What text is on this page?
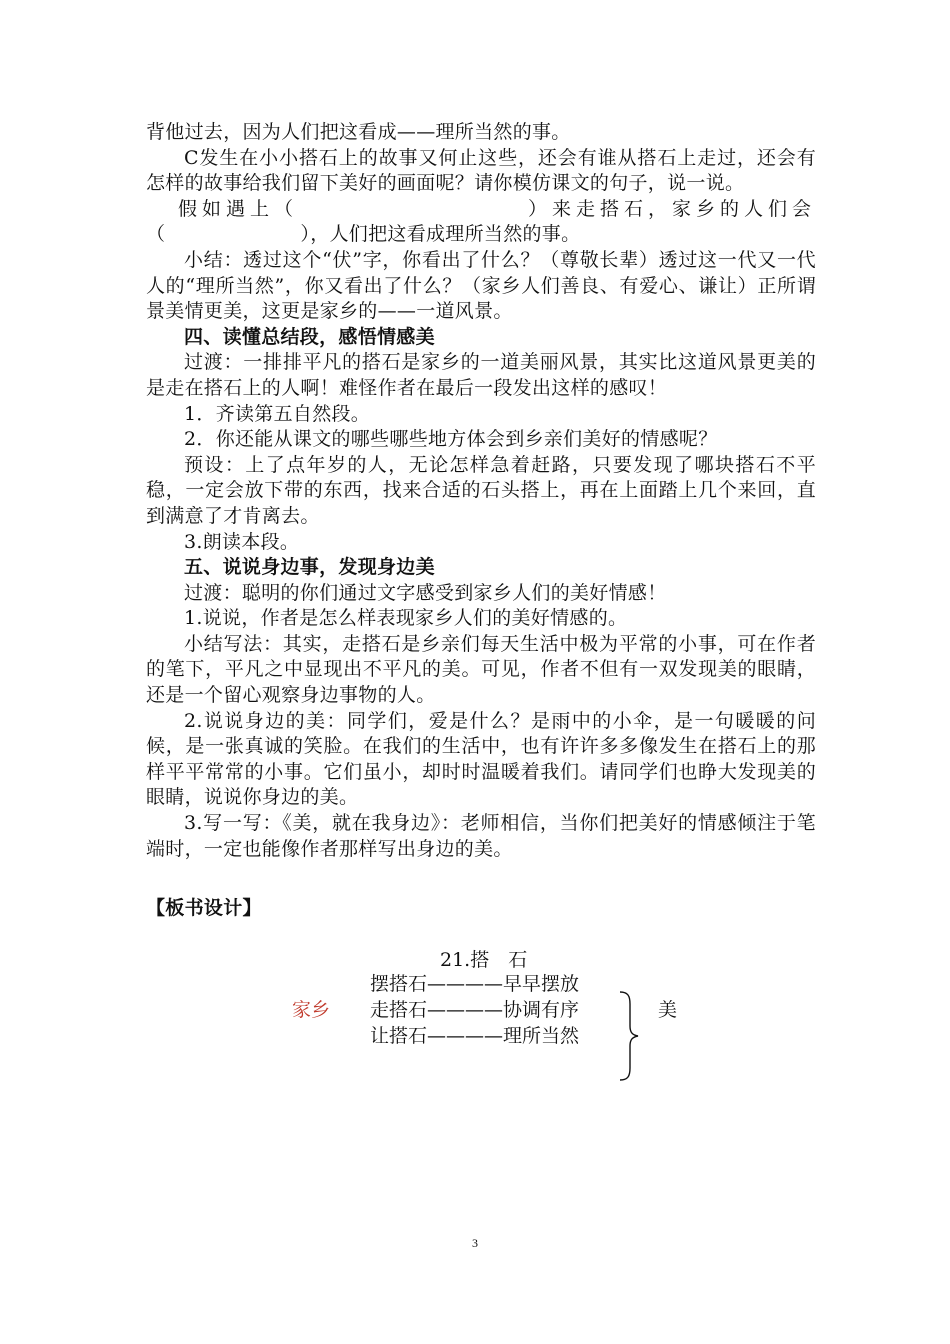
背他过去，因为人们把这看成——理所当然的事。

C发生在小小搭石上的故事又何止这些，还会有谁从搭石上走过，还会有怎样的故事给我们留下美好的画面呢？请你模仿课文的句子，说一说。

假如遇上（	）来走搭石，家乡的人们会

（　　　　　　　），人们把这看成理所当然的事。

小结：透过这个“伏”字，你看出了什么？（尊敬长辈）透过这一代又一代人的“理所当然”，你又看出了什么？（家乡人们善良、有爱心、谦让）正所谓景美情更美，这更是家乡的——一道风景。

四、读懂总结段，感悟情感美

过渡：一排排平凡的搭石是家乡的一道美丽风景，其实比这道风景更美的是走在搭石上的人啊！难怪作者在最后一段发出这样的感叹！

1．齐读第五自然段。

2．你还能从课文的哪些哪些地方体会到乡亲们美好的情感呢？

预设：上了点年岁的人，无论怎样急着赶路，只要发现了哪块搭石不平稳，一定会放下带的东西，找来合适的石头搭上，再在上面踏上几个来回，直到满意了才肯离去。

3.朗读本段。

五、说说身边事，发现身边美

过渡：聪明的你们通过文字感受到家乡人们的美好情感！

1.说说，作者是怎么样表现家乡人们的美好情感的。

小结写法：其实，走搭石是乡亲们每天生活中极为平常的小事，可在作者的笔下，平凡之中显现出不平凡的美。可见，作者不但有一双发现美的眼睛，还是一个留心观察身边事物的人。

2.说说身边的美：同学们，爱是什么？是雨中的小伞，是一句暖暖的问候，是一张真诚的笑脸。在我们的生活中，也有许许多多像发生在搭石上的那样平平常常的小事。它们虽小，却时时温暖着我们。请同学们也睁大发现美的眼睛，说说你身边的美。

3.写一写：《美，就在我身边》：老师相信，当你们把美好的情感倾注于笔端时，一定也能像作者那样写出身边的美。

【板书设计】

21.搭　石
摆搭石————早早摆放
家乡 走搭石————协调有序
让搭石————理所当然
美
3
